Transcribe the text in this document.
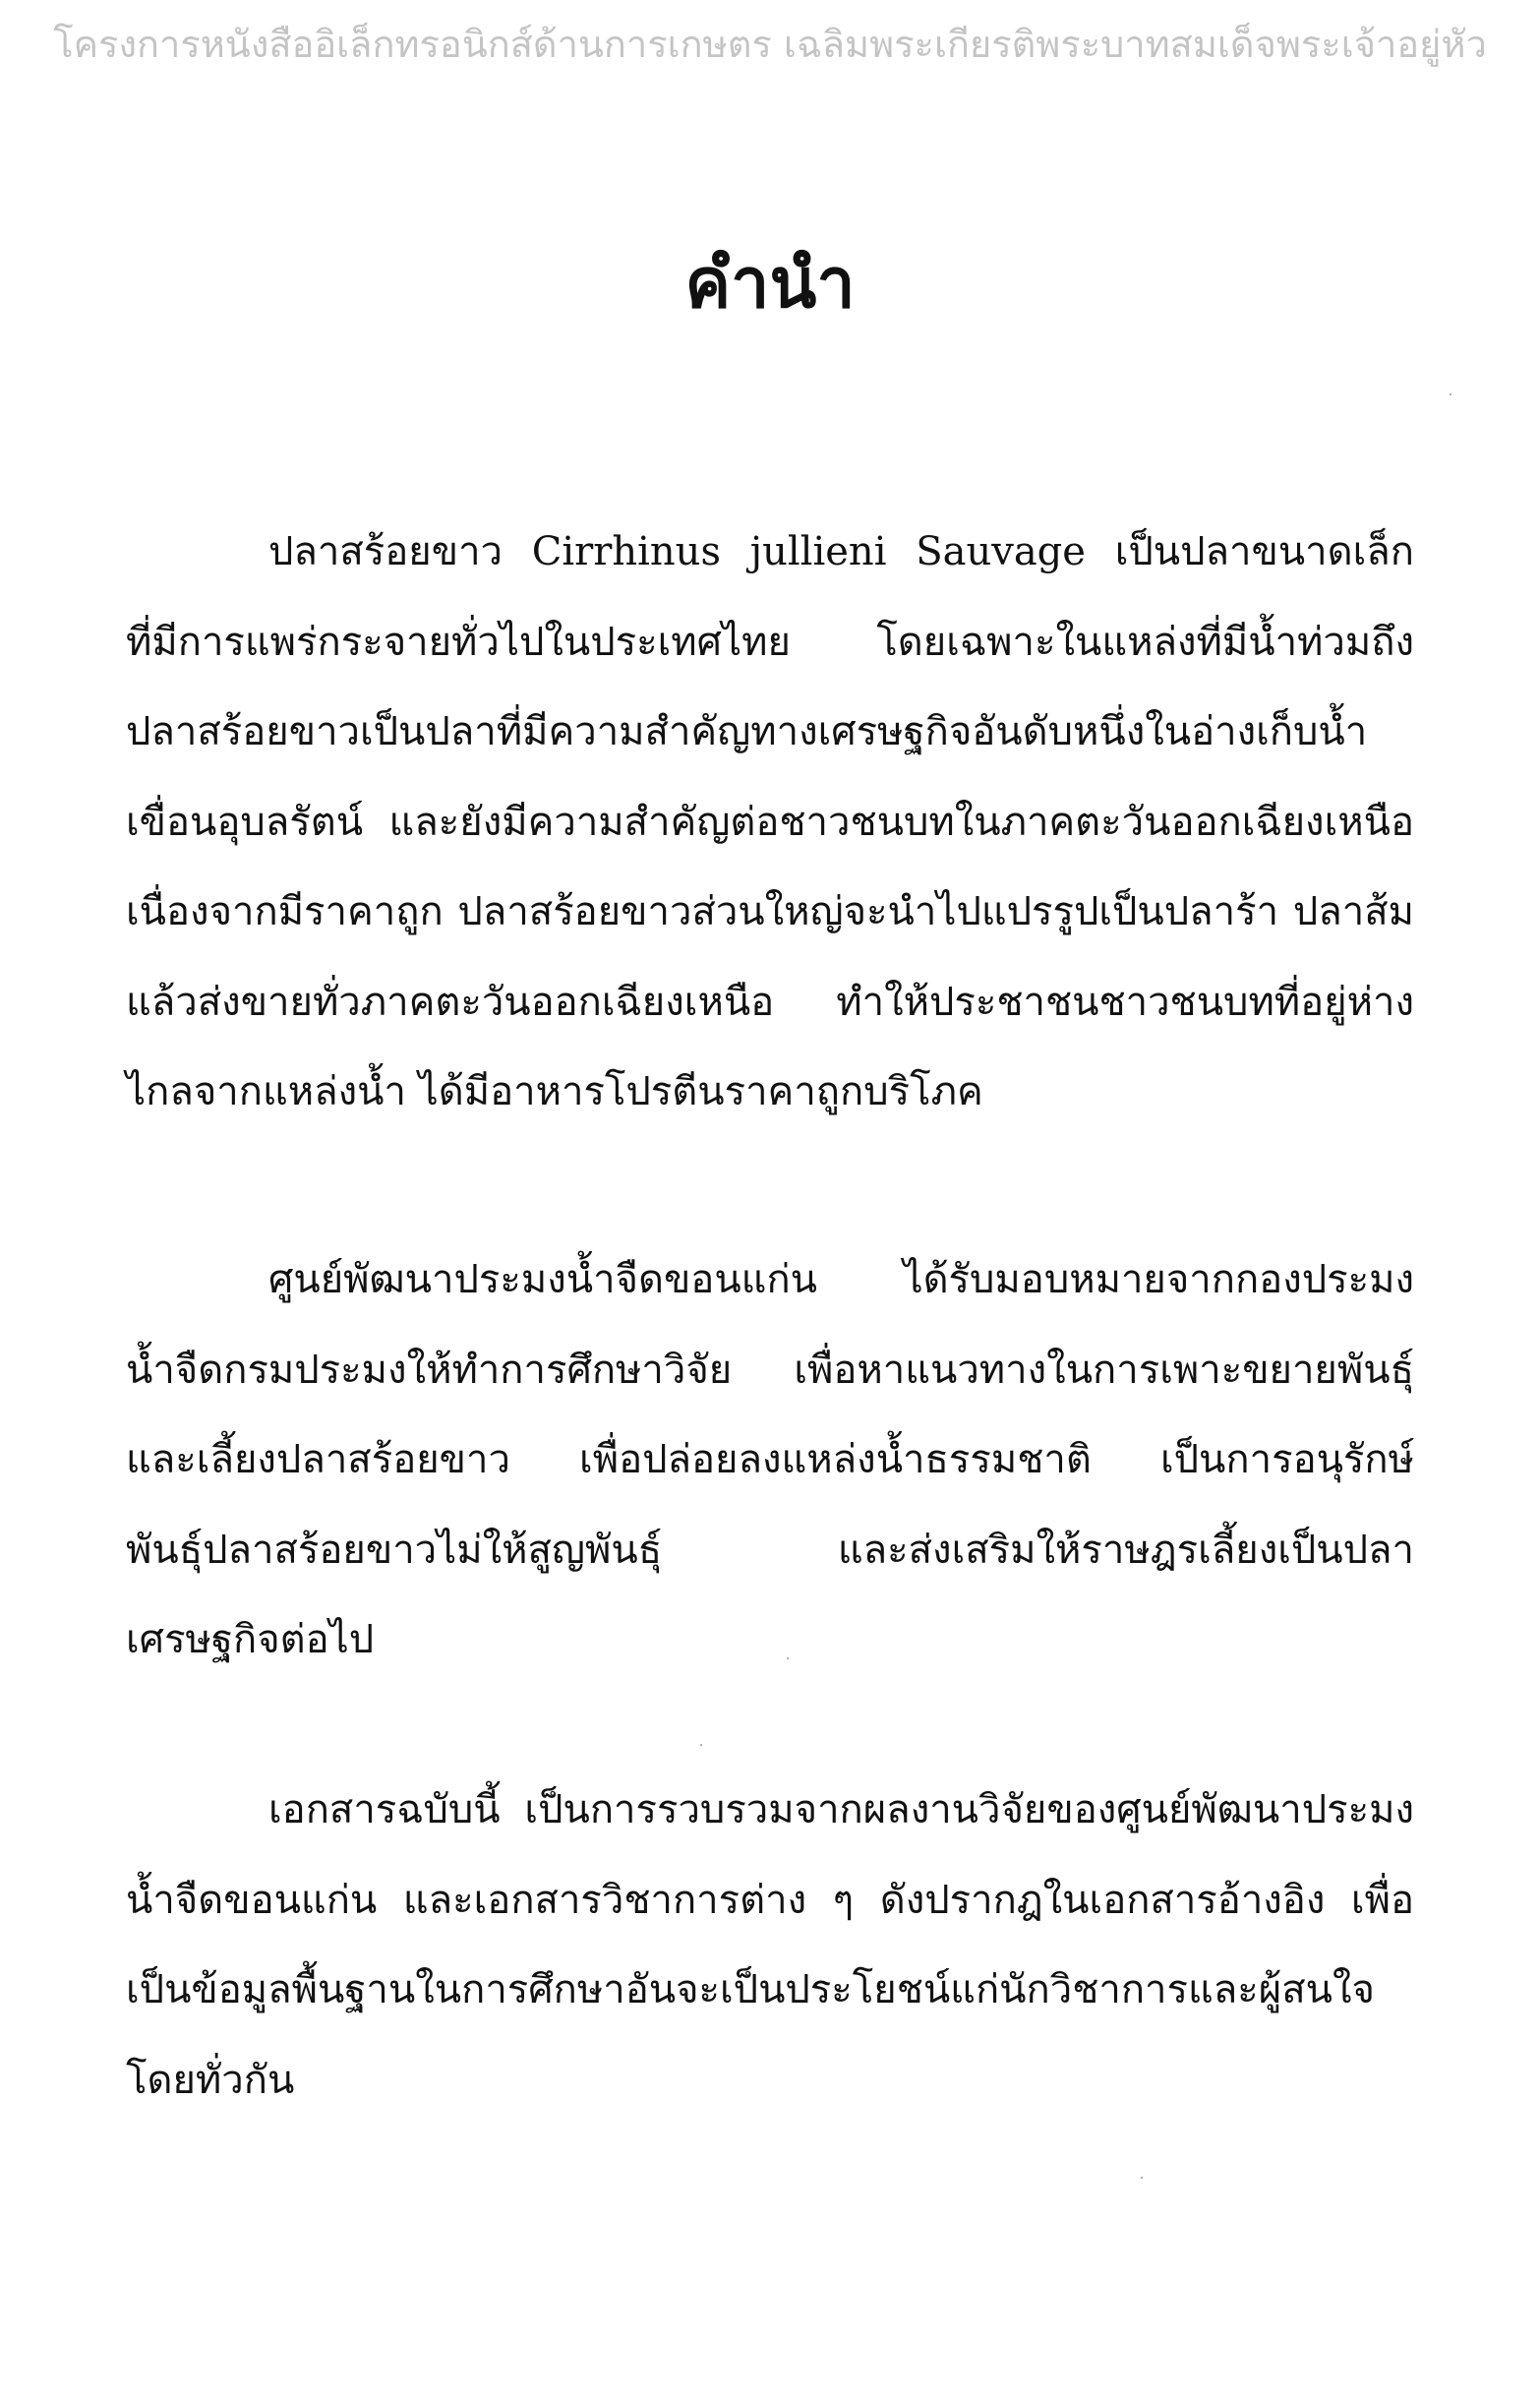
โครงการหนังสืออิเล็กทรอนิกส์ด้านการเกษตร เฉลิมพระเกียรติพระบาทสมเด็จพระเจ้าอยู่หัว
คำนำ

ปลาสร้อยขาว Cirrhinus jullieni Sauvage เป็นปลาขนาดเล็ก
ที่มีการแพร่กระจายทั่วไปในประเทศไทย โดยเฉพาะในแหล่งที่มีน้ำท่วมถึง
ปลาสร้อยขาวเป็นปลาที่มีความสำคัญทางเศรษฐกิจอันดับหนึ่งในอ่างเก็บน้ำ
เขื่อนอุบลรัตน์ และยังมีความสำคัญต่อชาวชนบทในภาคตะวันออกเฉียงเหนือ
เนื่องจากมีราคาถูก ปลาสร้อยขาวส่วนใหญ่จะนำไปแปรรูปเป็นปลาร้า ปลาส้ม
แล้วส่งขายทั่วภาคตะวันออกเฉียงเหนือ ทำให้ประชาชนชาวชนบทที่อยู่ห่าง
ไกลจากแหล่งน้ำ ได้มีอาหารโปรตีนราคาถูกบริโภค

ศูนย์พัฒนาประมงน้ำจืดขอนแก่น ได้รับมอบหมายจากกองประมง
น้ำจืดกรมประมงให้ทำการศึกษาวิจัย เพื่อหาแนวทางในการเพาะขยายพันธุ์
และเลี้ยงปลาสร้อยขาว เพื่อปล่อยลงแหล่งน้ำธรรมชาติ เป็นการอนุรักษ์
พันธุ์ปลาสร้อยขาวไม่ให้สูญพันธุ์ และส่งเสริมให้ราษฎรเลี้ยงเป็นปลา
เศรษฐกิจต่อไป

เอกสารฉบับนี้ เป็นการรวบรวมจากผลงานวิจัยของศูนย์พัฒนาประมง
น้ำจืดขอนแก่น และเอกสารวิชาการต่าง ๆ ดังปรากฎในเอกสารอ้างอิง เพื่อ
เป็นข้อมูลพื้นฐานในการศึกษาอันจะเป็นประโยชน์แก่นักวิชาการและผู้สนใจ
โดยทั่วกัน
